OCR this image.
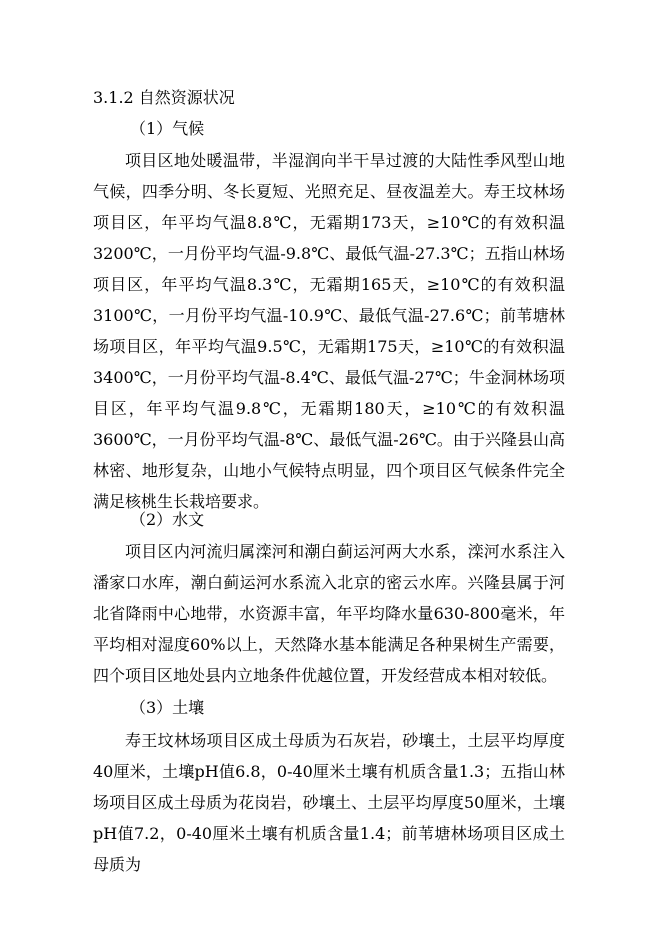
3.1.2 自然资源状况
（1）气候

项目区地处暖温带，半湿润向半干旱过渡的大陆性季风型山地气候，四季分明、冬长夏短、光照充足、昼夜温差大。寿王坟林场项目区，年平均气温8.8℃，无霜期173天，≥10℃的有效积温3200℃，一月份平均气温-9.8℃、最低气温-27.3℃；五指山林场项目区，年平均气温8.3℃，无霜期165天，≥10℃的有效积温3100℃，一月份平均气温-10.9℃、最低气温-27.6℃；前苇塘林场项目区，年平均气温9.5℃，无霜期175天，≥10℃的有效积温3400℃，一月份平均气温-8.4℃、最低气温-27℃；牛金洞林场项目区，年平均气温9.8℃，无霜期180天，≥10℃的有效积温3600℃，一月份平均气温-8℃、最低气温-26℃。由于兴隆县山高林密、地形复杂，山地小气候特点明显，四个项目区气候条件完全满足核桃生长栽培要求。

（2）水文

项目区内河流归属滦河和潮白蓟运河两大水系，滦河水系注入潘家口水库，潮白蓟运河水系流入北京的密云水库。兴隆县属于河北省降雨中心地带，水资源丰富，年平均降水量630-800毫米，年平均相对湿度60%以上，天然降水基本能满足各种果树生产需要，四个项目区地处县内立地条件优越位置，开发经营成本相对较低。

（3）土壤

寿王坟林场项目区成土母质为石灰岩，砂壤土，土层平均厚度40厘米，土壤pH值6.8，0-40厘米土壤有机质含量1.3；五指山林场项目区成土母质为花岗岩，砂壤土、土层平均厚度50厘米，土壤pH值7.2，0-40厘米土壤有机质含量1.4；前苇塘林场项目区成土母质为
